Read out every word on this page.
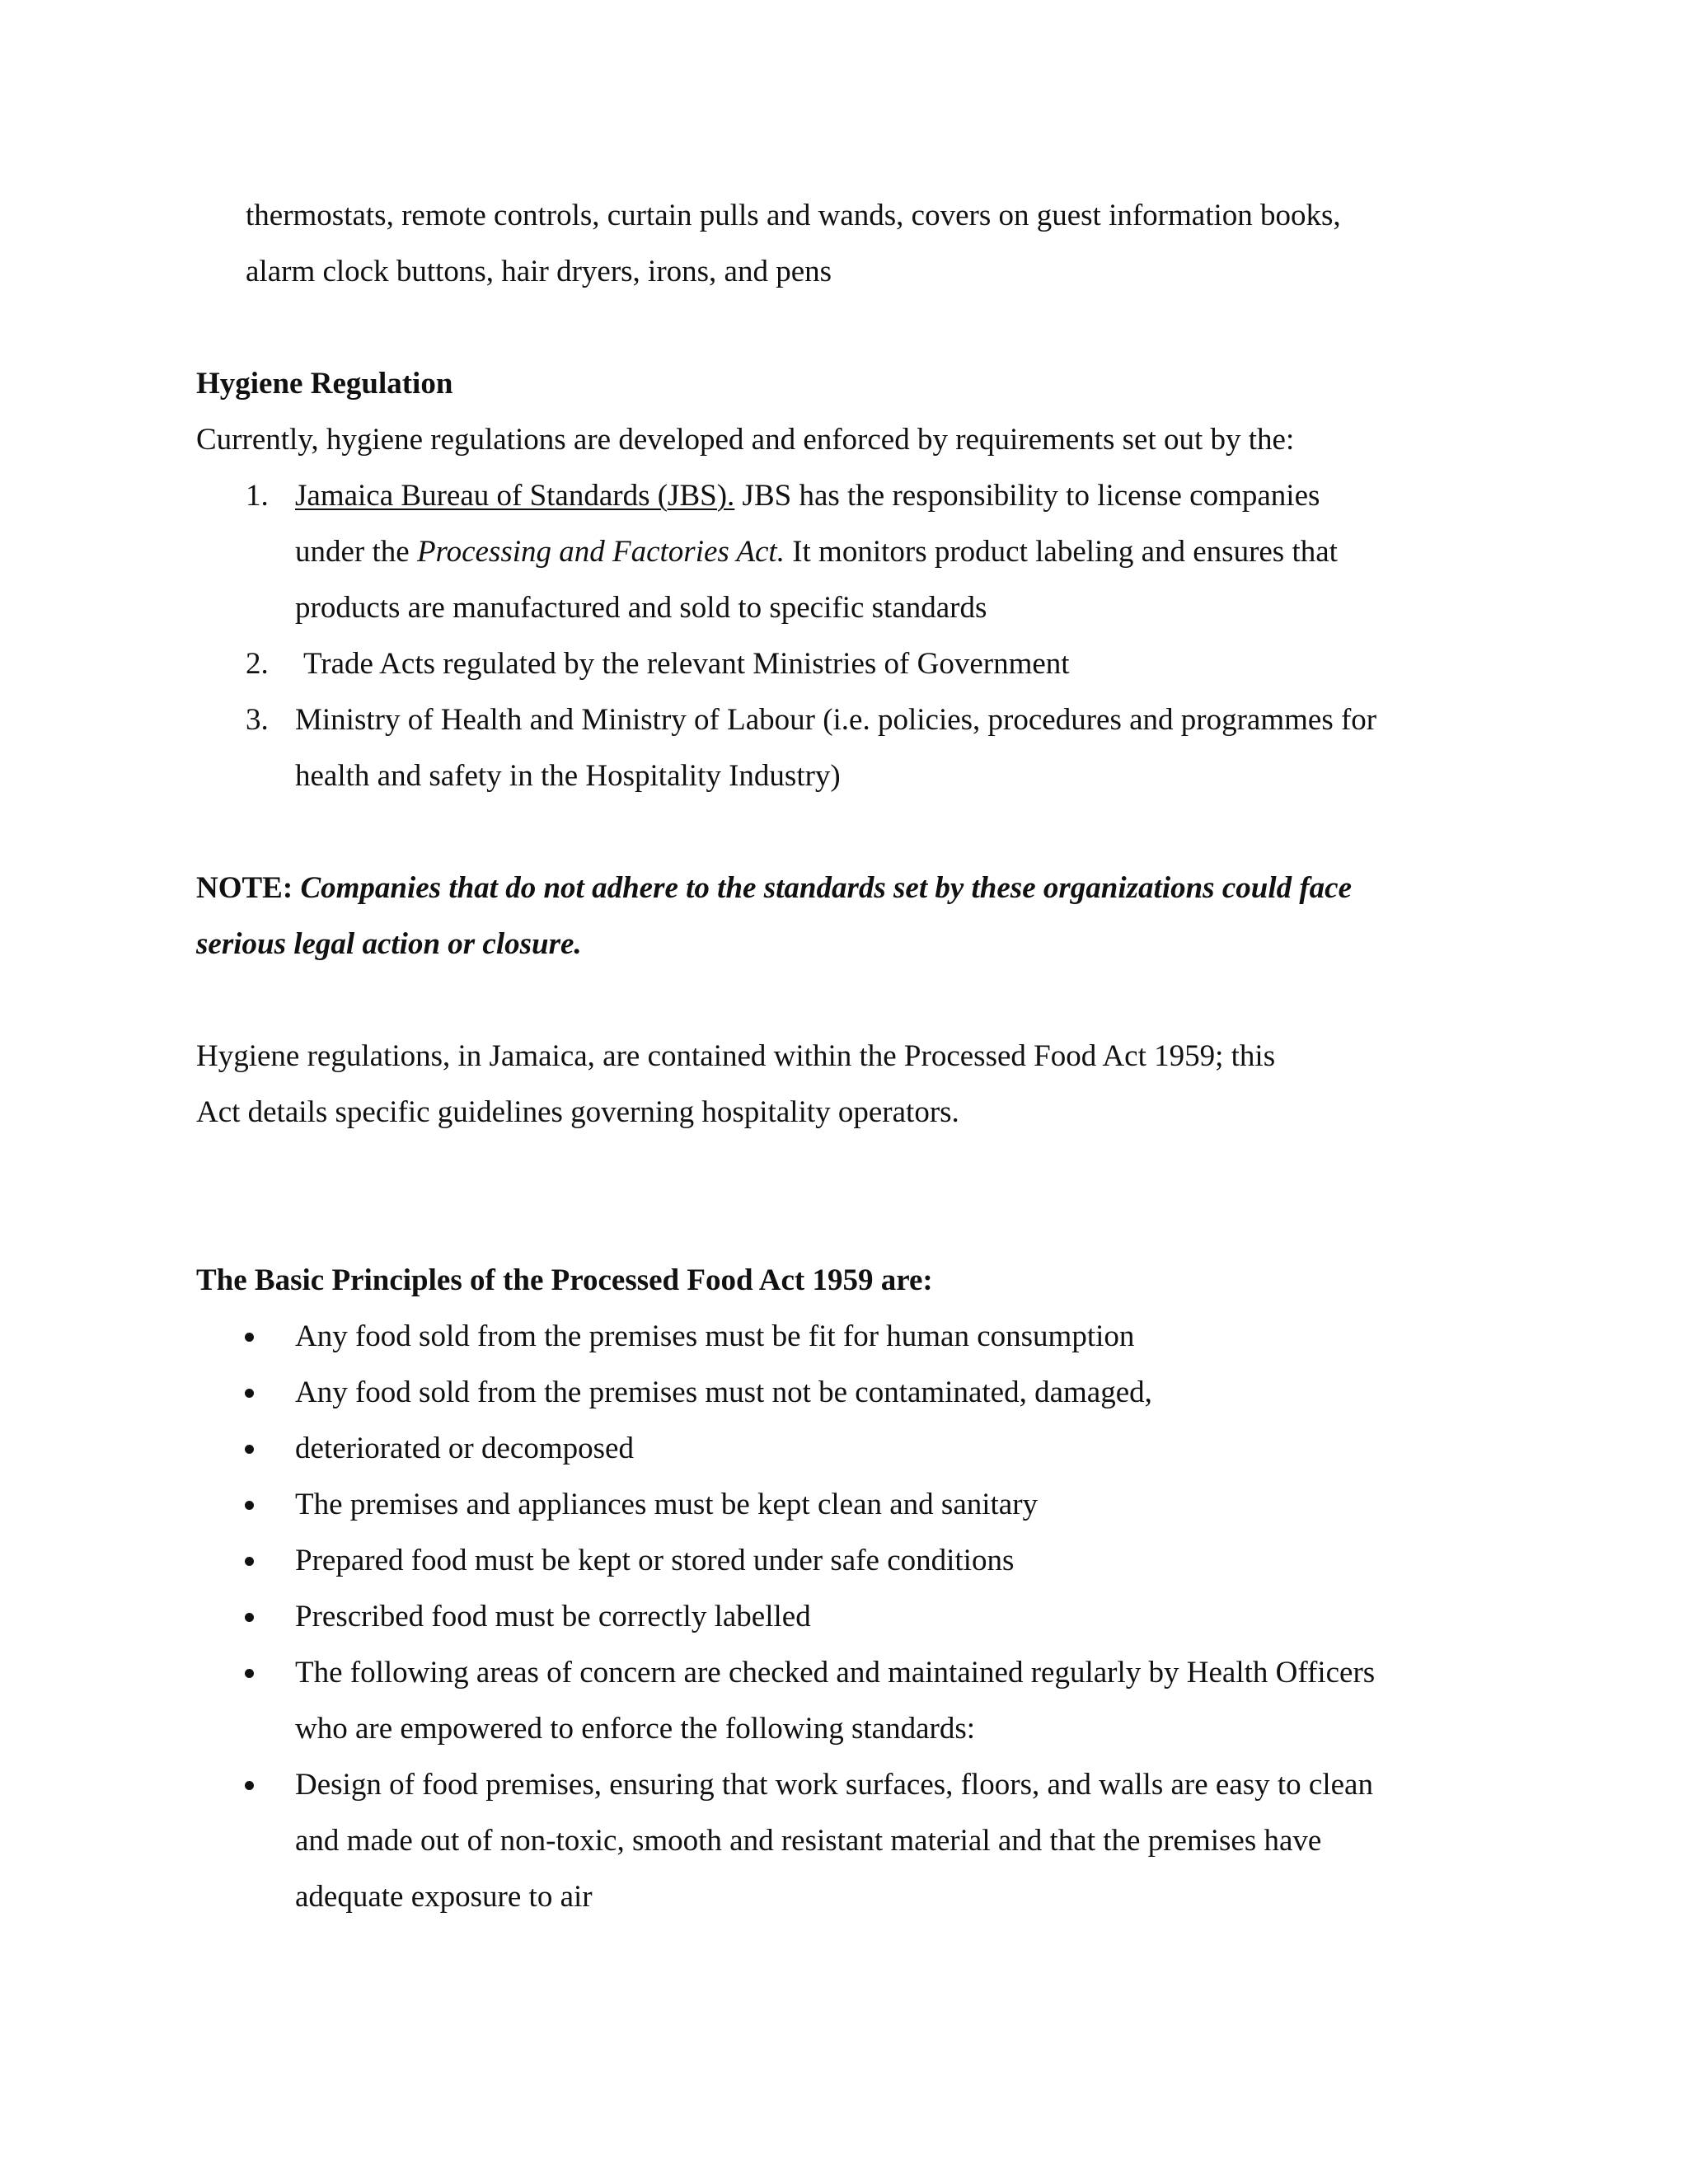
thermostats, remote controls, curtain pulls and wands, covers on guest information books,

alarm clock buttons, hair dryers, irons, and pens

Hygiene Regulation

Currently, hygiene regulations are developed and enforced by requirements set out by the:

1. Jamaica Bureau of Standards (JBS). JBS has the responsibility to license companies

under the Processing and Factories Act. It monitors product labeling and ensures that

products are manufactured and sold to specific standards

2. Trade Acts regulated by the relevant Ministries of Government

3. Ministry of Health and Ministry of Labour (i.e. policies, procedures and programmes for

health and safety in the Hospitality Industry)

NOTE: Companies that do not adhere to the standards set by these organizations could face

serious legal action or closure.

Hygiene regulations, in Jamaica, are contained within the Processed Food Act 1959; this

Act details specific guidelines governing hospitality operators.

The Basic Principles of the Processed Food Act 1959 are:

Any food sold from the premises must be fit for human consumption

Any food sold from the premises must not be contaminated, damaged,

deteriorated or decomposed

The premises and appliances must be kept clean and sanitary

Prepared food must be kept or stored under safe conditions

Prescribed food must be correctly labelled

The following areas of concern are checked and maintained regularly by Health Officers

who are empowered to enforce the following standards:

Design of food premises, ensuring that work surfaces, floors, and walls are easy to clean

and made out of non-toxic, smooth and resistant material and that the premises have

adequate exposure to air
